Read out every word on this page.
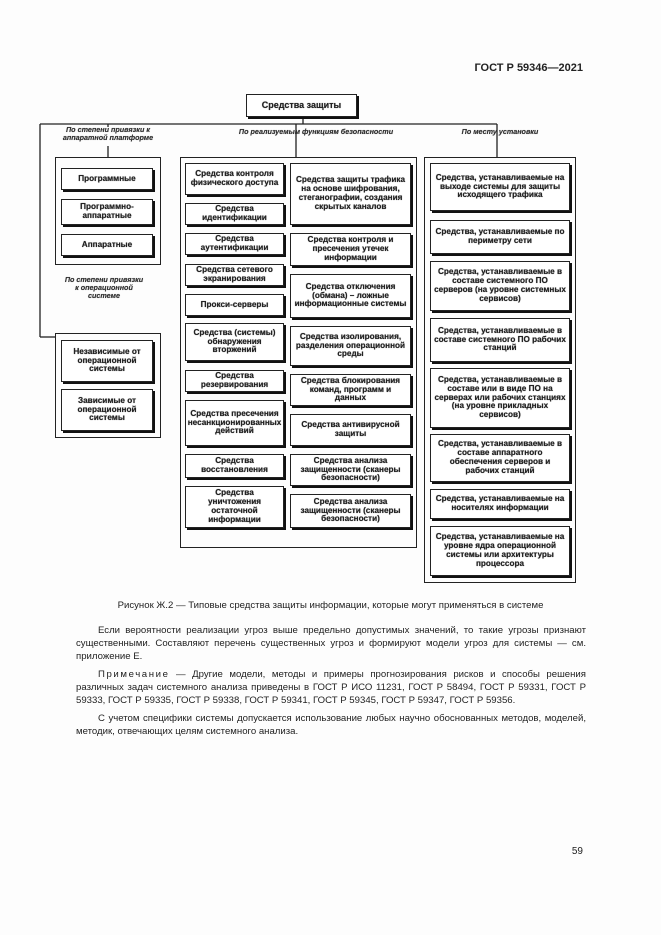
ГОСТ Р 59346—2021
Средства защиты
По степени привязки к аппаратной платформе
По реализуемым функциям безопасности	По месту установки
По степени привязки к операционной системе
Программные
Программно-аппаратные
Аппаратные
Независимые от операционной системы
Зависимые от операционной системы
Средства контроля физического доступа
Средства идентификации
Средства аутентификации
Средства сетевого экранирования
Прокси-серверы
Средства (системы) обнаружения вторжений
Средства резервирования
Средства пресечения несанкционированных действий
Средства восстановления
Средства уничтожения остаточной информации
Средства защиты трафика на основе шифрования, стеганографии, создания скрытых каналов
Средства контроля и пресечения утечек информации
Средства отключения (обмана) – ложные информационные системы
Средства изолирования, разделения операционной среды
Средства блокирования команд, программ и данных
Средства антивирусной защиты
Средства анализа защищенности (сканеры безопасности)
Средства анализа защищенности (сканеры безопасности)
Средства, устанавливаемые на выходе системы для защиты исходящего трафика
Средства, устанавливаемые по периметру сети
Средства, устанавливаемые в составе системного ПО серверов (на уровне системных сервисов)
Средства, устанавливаемые в составе системного ПО рабочих станций
Средства, устанавливаемые в составе или в виде ПО на серверах или рабочих станциях (на уровне прикладных сервисов)
Средства, устанавливаемые в составе аппаратного обеспечения серверов и рабочих станций
Средства, устанавливаемые на носителях информации
Средства, устанавливаемые на уровне ядра операционной системы или архитектуры процессора
Рисунок Ж.2 — Типовые средства защиты информации, которые могут применяться в системе
Если вероятности реализации угроз выше предельно допустимых значений, то такие угрозы признают существенными. Составляют перечень существенных угроз и формируют модели угроз для системы — см. приложение Е.
Примечание — Другие модели, методы и примеры прогнозирования рисков и способы решения различных задач системного анализа приведены в ГОСТ Р ИСО 11231, ГОСТ Р 58494, ГОСТ Р 59331, ГОСТ Р 59333, ГОСТ Р 59335, ГОСТ Р 59338, ГОСТ Р 59341, ГОСТ Р 59345, ГОСТ Р 59347, ГОСТ Р 59356.
С учетом специфики системы допускается использование любых научно обоснованных методов, моделей, методик, отвечающих целям системного анализа.
59
